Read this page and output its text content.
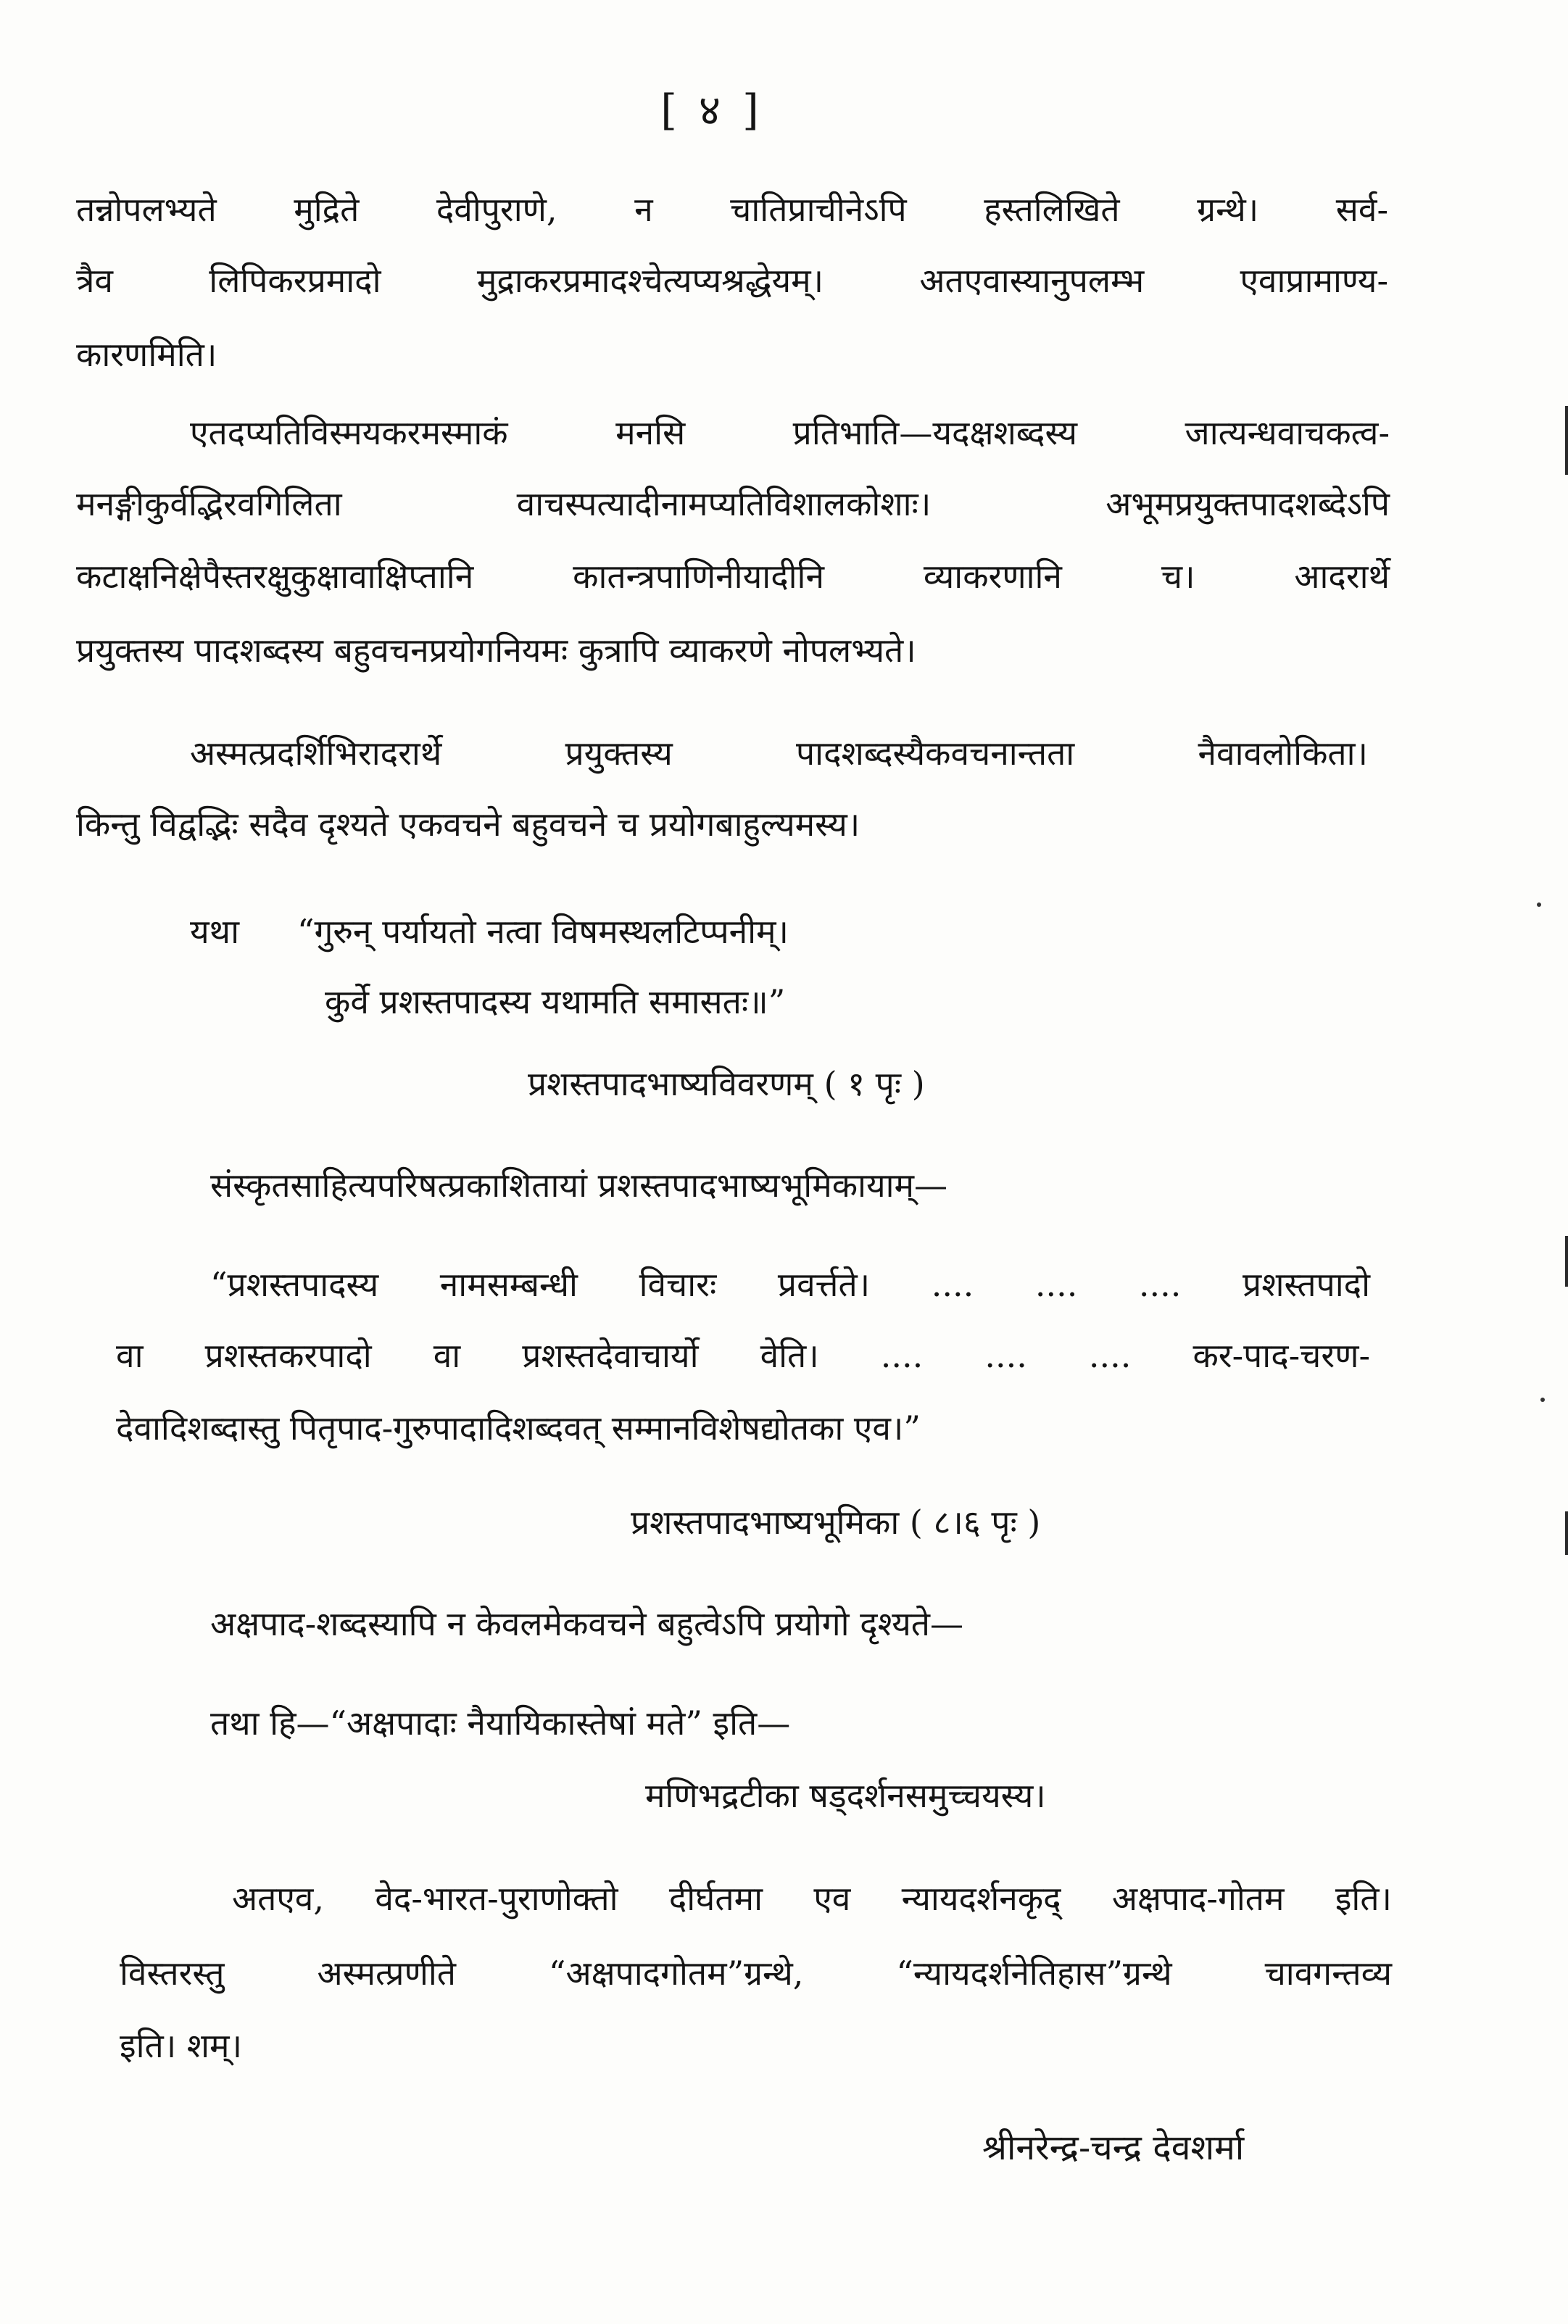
[ ४ ]

तन्नोपलभ्यते मुद्रिते देवीपुराणे, न चातिप्राचीनेऽपि हस्तलिखिते ग्रन्थे। सर्व-

त्रैव लिपिकरप्रमादो मुद्राकरप्रमादश्चेत्यप्यश्रद्धेयम्। अतएवास्यानुपलम्भ एवाप्रामाण्य-

कारणमिति।

एतदप्यतिविस्मयकरमस्माकं मनसि प्रतिभाति—यदक्षशब्दस्य जात्यन्धवाचकत्व-

मनङ्गीकुर्वद्भिरवगिलिता वाचस्पत्यादीनामप्यतिविशालकोशाः। अभूमप्रयुक्तपादशब्देऽपि

कटाक्षनिक्षेपैस्तरक्षुकुक्षावाक्षिप्तानि कातन्त्रपाणिनीयादीनि व्याकरणानि च। आदरार्थे

प्रयुक्तस्य पादशब्दस्य बहुवचनप्रयोगनियमः कुत्रापि व्याकरणे नोपलभ्यते।

अस्मत्प्रदर्शिभिरादरार्थे प्रयुक्तस्य पादशब्दस्यैकवचनान्तता नैवावलोकिता।

किन्तु विद्वद्भिः सदैव दृश्यते एकवचने बहुवचने च प्रयोगबाहुल्यमस्य।

यथा “गुरुन् पर्यायतो नत्वा विषमस्थलटिप्पनीम्।

कुर्वे प्रशस्तपादस्य यथामति समासतः॥”

प्रशस्तपादभाष्यविवरणम् ( १ पृः )

संस्कृतसाहित्यपरिषत्प्रकाशितायां प्रशस्तपादभाष्यभूमिकायाम्—

“प्रशस्तपादस्य नामसम्बन्धी विचारः प्रवर्त्तते। .... .... .... प्रशस्तपादो

वा प्रशस्तकरपादो वा प्रशस्तदेवाचार्यो वेति। .... .... .... कर-पाद-चरण-

देवादिशब्दास्तु पितृपाद-गुरुपादादिशब्दवत् सम्मानविशेषद्योतका एव।”

प्रशस्तपादभाष्यभूमिका ( ८।६ पृः )

अक्षपाद-शब्दस्यापि न केवलमेकवचने बहुत्वेऽपि प्रयोगो दृश्यते—

तथा हि—“अक्षपादाः नैयायिकास्तेषां मते” इति—

मणिभद्रटीका षड्दर्शनसमुच्चयस्य।

अतएव, वेद-भारत-पुराणोक्तो दीर्घतमा एव न्यायदर्शनकृद् अक्षपाद-गोतम इति।

विस्तरस्तु अस्मत्प्रणीते “अक्षपादगोतम”ग्रन्थे, “न्यायदर्शनेतिहास”ग्रन्थे चावगन्तव्य

इति। शम्।

श्रीनरेन्द्र-चन्द्र देवशर्मा
